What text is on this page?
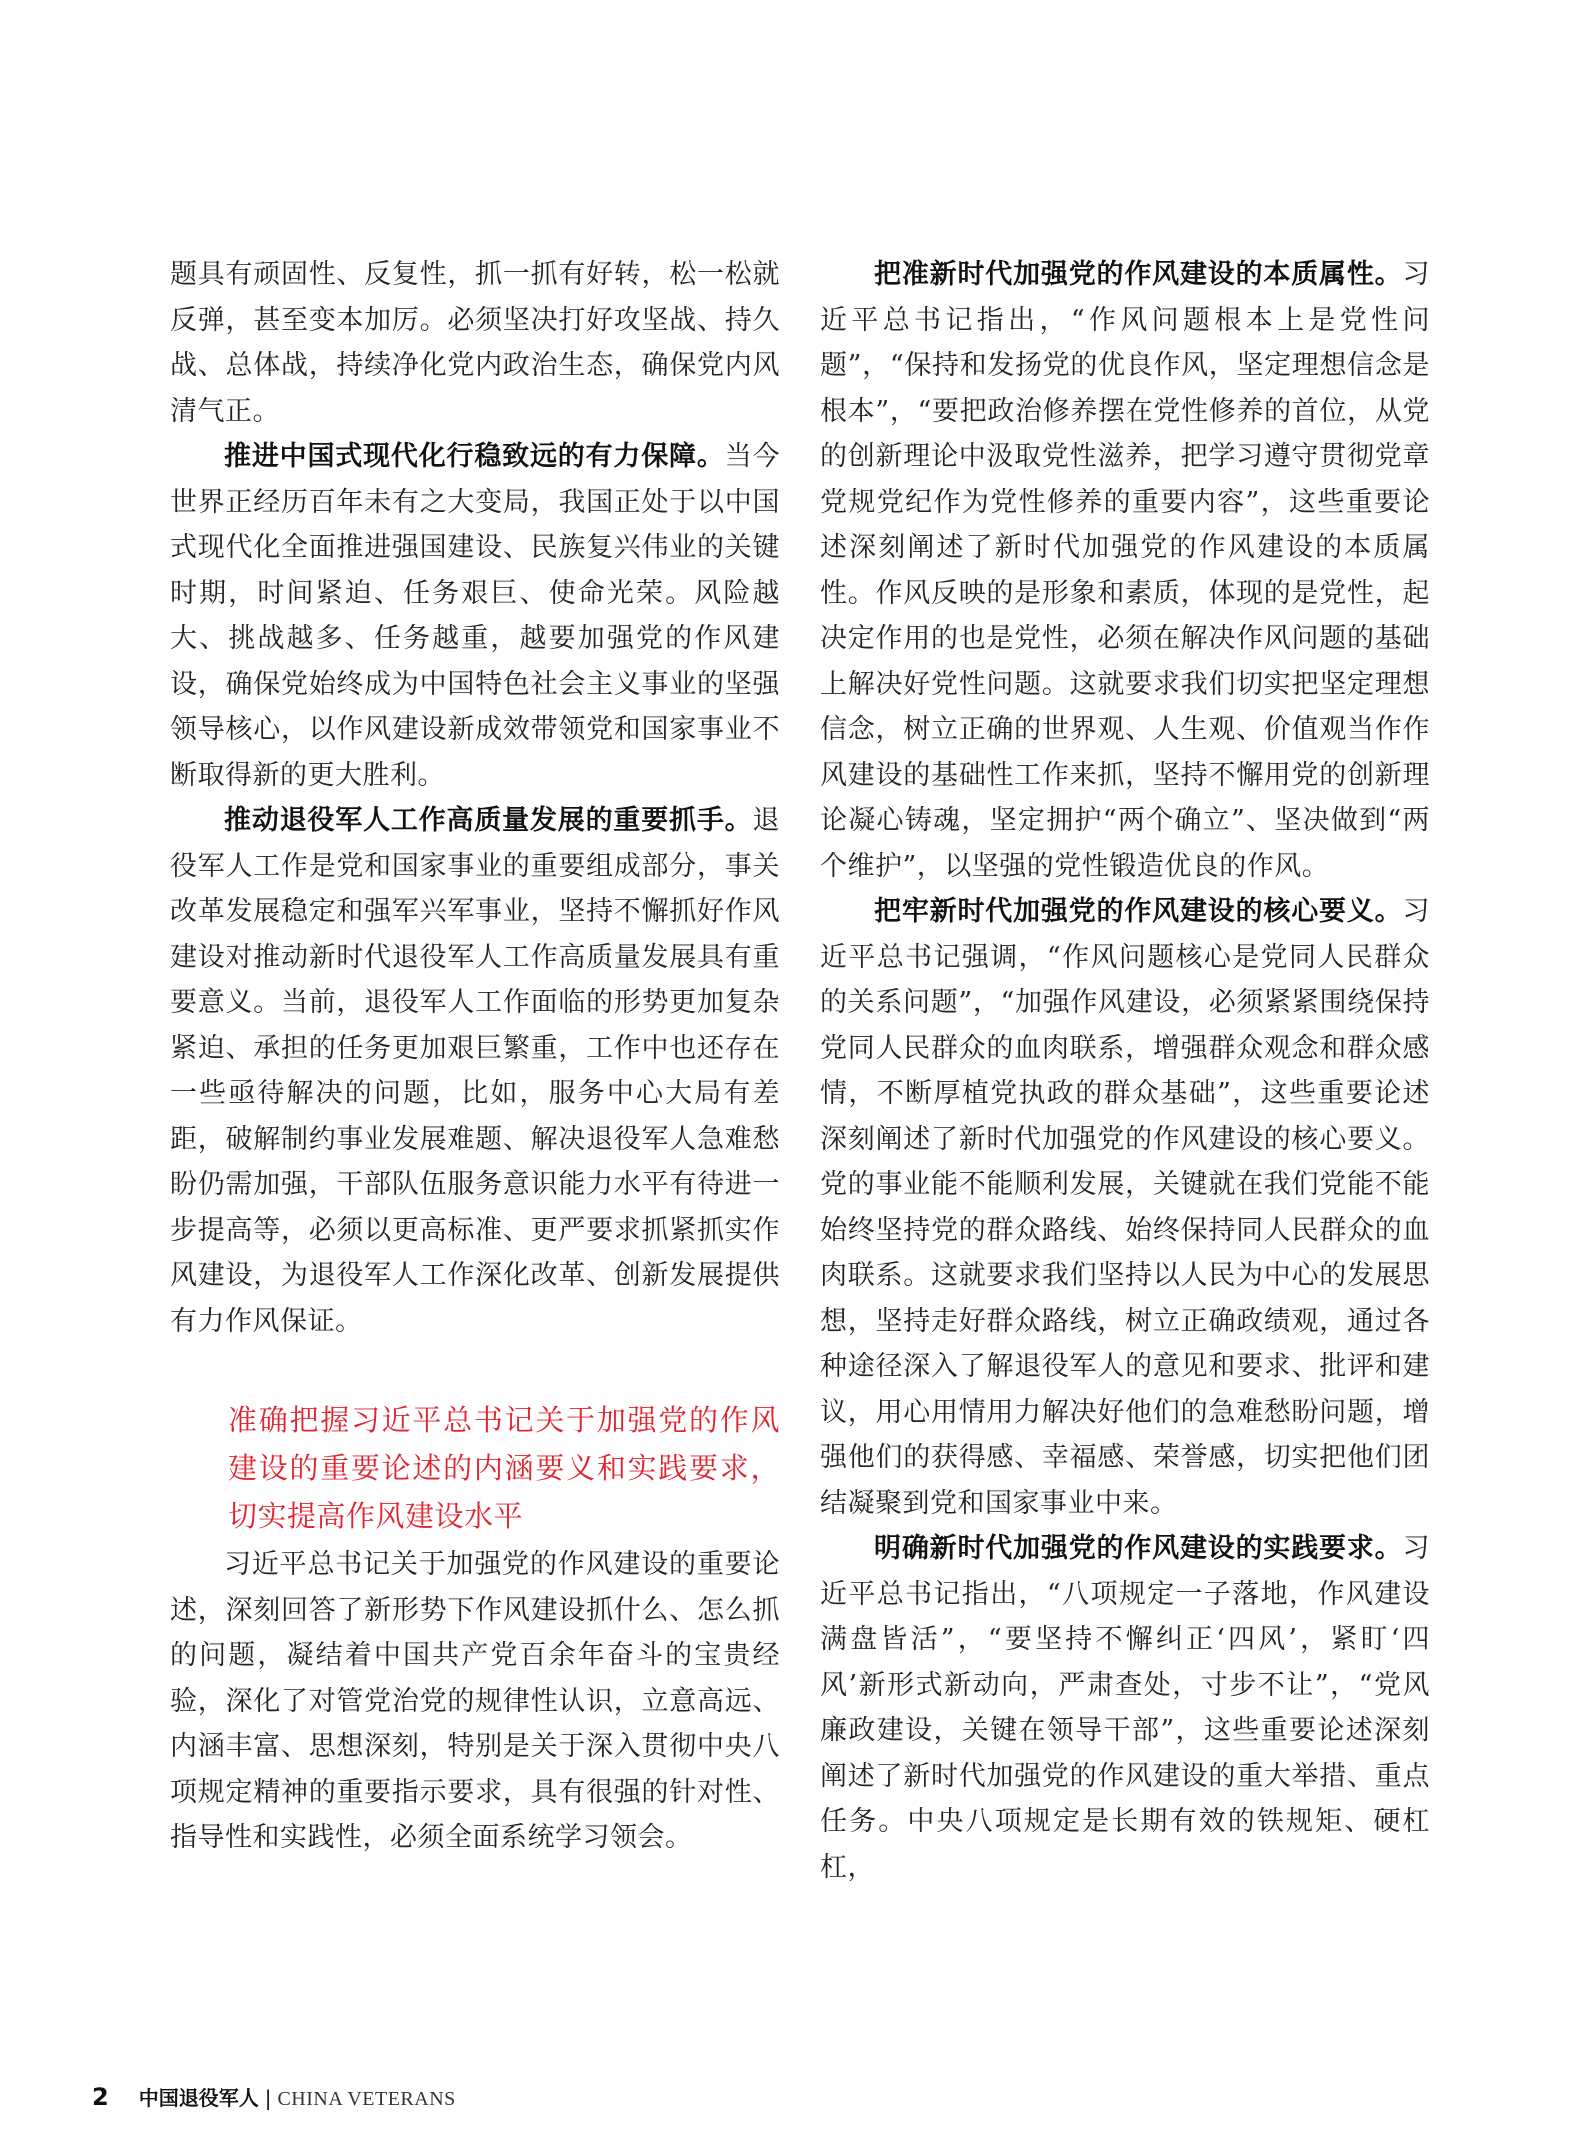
题具有顽固性、反复性，抓一抓有好转，松一松就反弹，甚至变本加厉。必须坚决打好攻坚战、持久战、总体战，持续净化党内政治生态，确保党内风清气正。

推进中国式现代化行稳致远的有力保障。当今世界正经历百年未有之大变局，我国正处于以中国式现代化全面推进强国建设、民族复兴伟业的关键时期，时间紧迫、任务艰巨、使命光荣。风险越大、挑战越多、任务越重，越要加强党的作风建设，确保党始终成为中国特色社会主义事业的坚强领导核心，以作风建设新成效带领党和国家事业不断取得新的更大胜利。

推动退役军人工作高质量发展的重要抓手。退役军人工作是党和国家事业的重要组成部分，事关改革发展稳定和强军兴军事业，坚持不懈抓好作风建设对推动新时代退役军人工作高质量发展具有重要意义。当前，退役军人工作面临的形势更加复杂紧迫、承担的任务更加艰巨繁重，工作中也还存在一些亟待解决的问题，比如，服务中心大局有差距，破解制约事业发展难题、解决退役军人急难愁盼仍需加强，干部队伍服务意识能力水平有待进一步提高等，必须以更高标准、更严要求抓紧抓实作风建设，为退役军人工作深化改革、创新发展提供有力作风保证。

准确把握习近平总书记关于加强党的作风建设的重要论述的内涵要义和实践要求，切实提高作风建设水平

习近平总书记关于加强党的作风建设的重要论述，深刻回答了新形势下作风建设抓什么、怎么抓的问题，凝结着中国共产党百余年奋斗的宝贵经验，深化了对管党治党的规律性认识，立意高远、内涵丰富、思想深刻，特别是关于深入贯彻中央八项规定精神的重要指示要求，具有很强的针对性、指导性和实践性，必须全面系统学习领会。

把准新时代加强党的作风建设的本质属性。习近平总书记指出，“作风问题根本上是党性问题”，“保持和发扬党的优良作风，坚定理想信念是根本”，“要把政治修养摆在党性修养的首位，从党的创新理论中汲取党性滋养，把学习遵守贯彻党章党规党纪作为党性修养的重要内容”，这些重要论述深刻阐述了新时代加强党的作风建设的本质属性。作风反映的是形象和素质，体现的是党性，起决定作用的也是党性，必须在解决作风问题的基础上解决好党性问题。这就要求我们切实把坚定理想信念，树立正确的世界观、人生观、价值观当作作风建设的基础性工作来抓，坚持不懈用党的创新理论凝心铸魂，坚定拥护“两个确立”、坚决做到“两个维护”，以坚强的党性锻造优良的作风。

把牢新时代加强党的作风建设的核心要义。习近平总书记强调，“作风问题核心是党同人民群众的关系问题”，“加强作风建设，必须紧紧围绕保持党同人民群众的血肉联系，增强群众观念和群众感情，不断厚植党执政的群众基础”，这些重要论述深刻阐述了新时代加强党的作风建设的核心要义。党的事业能不能顺利发展，关键就在我们党能不能始终坚持党的群众路线、始终保持同人民群众的血肉联系。这就要求我们坚持以人民为中心的发展思想，坚持走好群众路线，树立正确政绩观，通过各种途径深入了解退役军人的意见和要求、批评和建议，用心用情用力解决好他们的急难愁盼问题，增强他们的获得感、幸福感、荣誉感，切实把他们团结凝聚到党和国家事业中来。

明确新时代加强党的作风建设的实践要求。习近平总书记指出，“八项规定一子落地，作风建设满盘皆活”，“要坚持不懈纠正‘四风’，紧盯‘四风’新形式新动向，严肃查处，寸步不让”，“党风廉政建设，关键在领导干部”，这些重要论述深刻阐述了新时代加强党的作风建设的重大举措、重点任务。中央八项规定是长期有效的铁规矩、硬杠杠，

2 中国退役军人 | CHINA VETERANS
